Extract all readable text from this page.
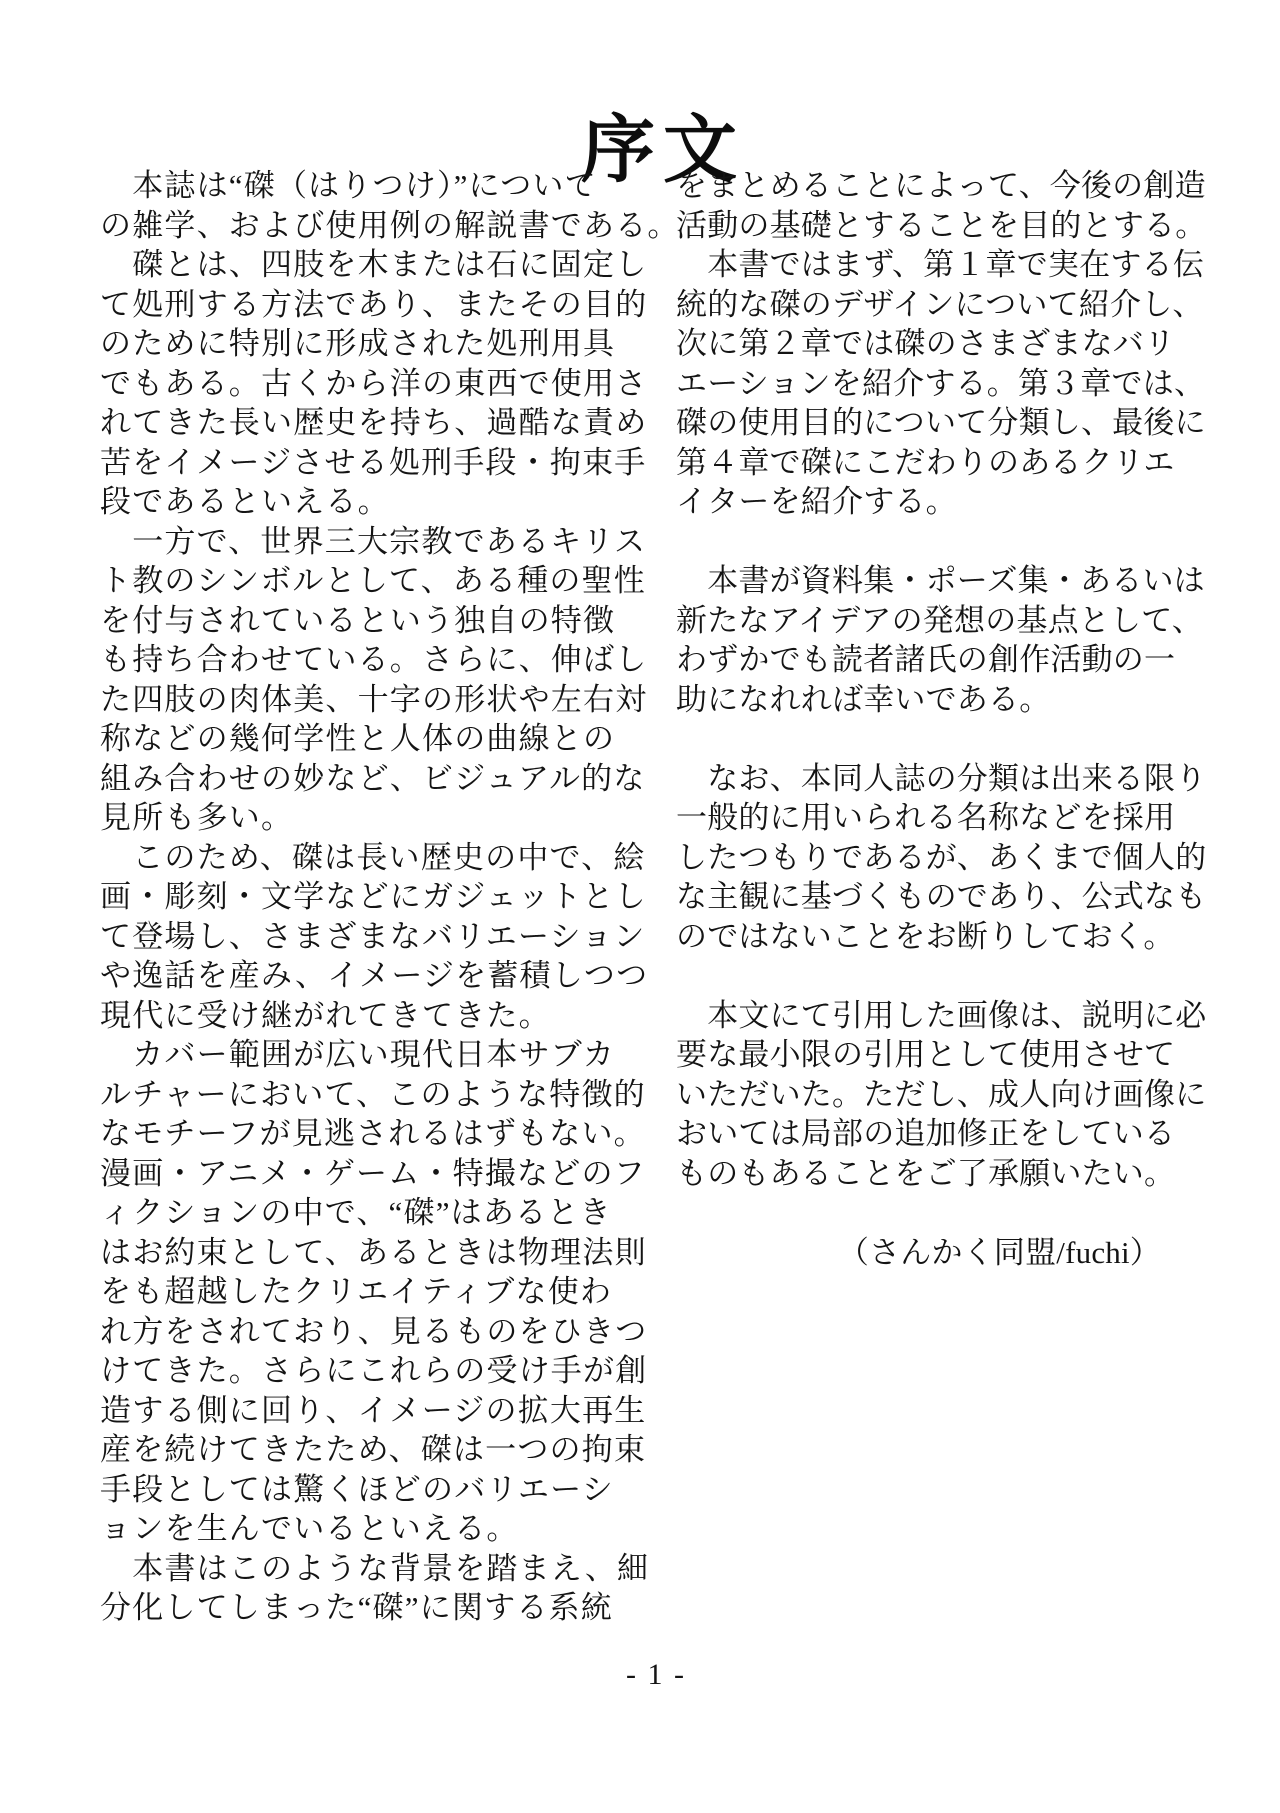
序文
　本誌は“磔（はりつけ）”について
の雑学、および使用例の解説書である。
　磔とは、四肢を木または石に固定し
て処刑する方法であり、またその目的
のために特別に形成された処刑用具
でもある。古くから洋の東西で使用さ
れてきた長い歴史を持ち、過酷な責め
苦をイメージさせる処刑手段・拘束手
段であるといえる。
　一方で、世界三大宗教であるキリス
ト教のシンボルとして、ある種の聖性
を付与されているという独自の特徴
も持ち合わせている。さらに、伸ばし
た四肢の肉体美、十字の形状や左右対
称などの幾何学性と人体の曲線との
組み合わせの妙など、ビジュアル的な
見所も多い。
　このため、磔は長い歴史の中で、絵
画・彫刻・文学などにガジェットとし
て登場し、さまざまなバリエーション
や逸話を産み、イメージを蓄積しつつ
現代に受け継がれてきてきた。
　カバー範囲が広い現代日本サブカ
ルチャーにおいて、このような特徴的
なモチーフが見逃されるはずもない。
漫画・アニメ・ゲーム・特撮などのフ
ィクションの中で、“磔”はあるとき
はお約束として、あるときは物理法則
をも超越したクリエイティブな使わ
れ方をされており、見るものをひきつ
けてきた。さらにこれらの受け手が創
造する側に回り、イメージの拡大再生
産を続けてきたため、磔は一つの拘束
手段としては驚くほどのバリエーシ
ョンを生んでいるといえる。
　本書はこのような背景を踏まえ、細
分化してしまった“磔”に関する系統
をまとめることによって、今後の創造
活動の基礎とすることを目的とする。
　本書ではまず、第１章で実在する伝
統的な磔のデザインについて紹介し、
次に第２章では磔のさまざまなバリ
エーションを紹介する。第３章では、
磔の使用目的について分類し、最後に
第４章で磔にこだわりのあるクリエ
イターを紹介する。

　本書が資料集・ポーズ集・あるいは
新たなアイデアの発想の基点として、
わずかでも読者諸氏の創作活動の一
助になれれば幸いである。

　なお、本同人誌の分類は出来る限り
一般的に用いられる名称などを採用
したつもりであるが、あくまで個人的
な主観に基づくものであり、公式なも
のではないことをお断りしておく。

　本文にて引用した画像は、説明に必
要な最小限の引用として使用させて
いただいた。ただし、成人向け画像に
おいては局部の追加修正をしている
ものもあることをご了承願いたい。
（さんかく同盟/fuchi）
- 1 -
